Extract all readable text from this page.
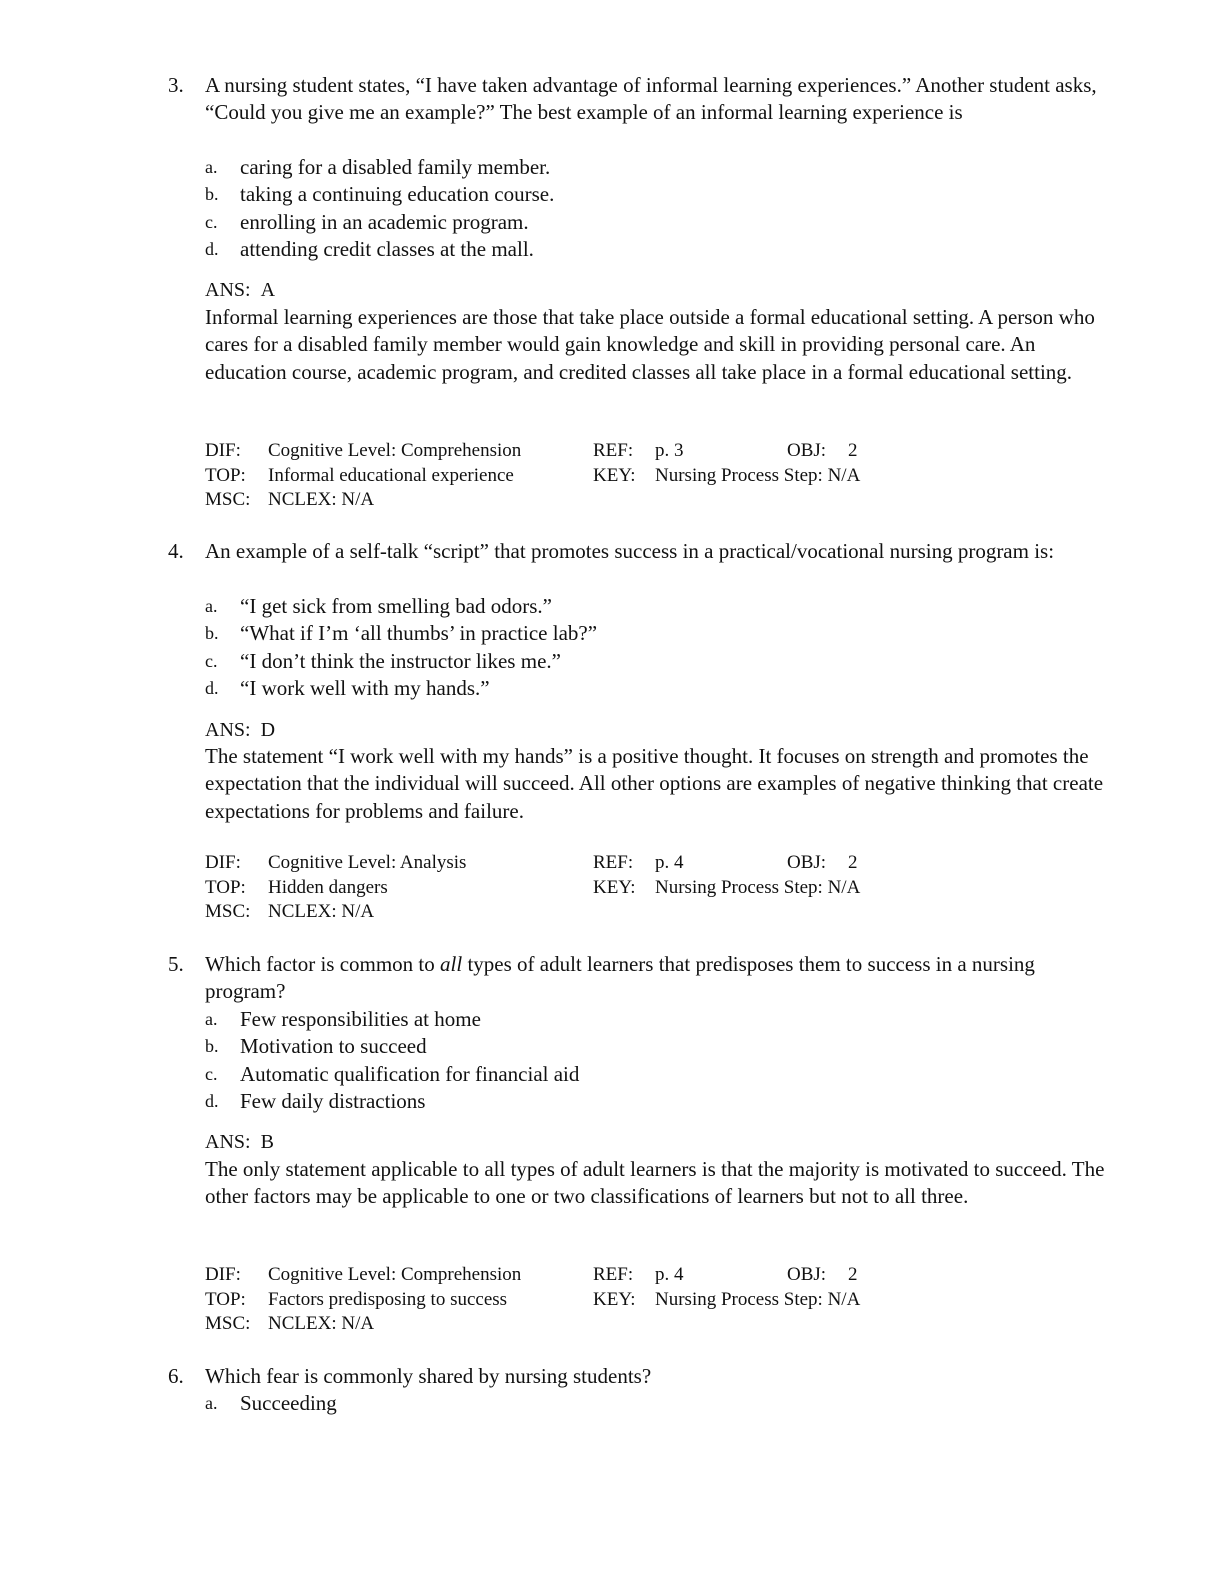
3. A nursing student states, “I have taken advantage of informal learning experiences.” Another student asks, “Could you give me an example?” The best example of an informal learning experience is
a. caring for a disabled family member.
b. taking a continuing education course.
c. enrolling in an academic program.
d. attending credit classes at the mall.
ANS: A
Informal learning experiences are those that take place outside a formal educational setting. A person who cares for a disabled family member would gain knowledge and skill in providing personal care. An education course, academic program, and credited classes all take place in a formal educational setting.
DIF: Cognitive Level: Comprehension	REF: p. 3	OBJ: 2
TOP: Informal educational experience	KEY: Nursing Process Step: N/A
MSC: NCLEX: N/A
4. An example of a self-talk “script” that promotes success in a practical/vocational nursing program is:
a. “I get sick from smelling bad odors.”
b. “What if I’m ‘all thumbs’ in practice lab?”
c. “I don’t think the instructor likes me.”
d. “I work well with my hands.”
ANS: D
The statement “I work well with my hands” is a positive thought. It focuses on strength and promotes the expectation that the individual will succeed. All other options are examples of negative thinking that create expectations for problems and failure.
DIF: Cognitive Level: Analysis	REF: p. 4	OBJ: 2
TOP: Hidden dangers	KEY: Nursing Process Step: N/A
MSC: NCLEX: N/A
5. Which factor is common to all types of adult learners that predisposes them to success in a nursing program?
a. Few responsibilities at home
b. Motivation to succeed
c. Automatic qualification for financial aid
d. Few daily distractions
ANS: B
The only statement applicable to all types of adult learners is that the majority is motivated to succeed. The other factors may be applicable to one or two classifications of learners but not to all three.
DIF: Cognitive Level: Comprehension	REF: p. 4	OBJ: 2
TOP: Factors predisposing to success	KEY: Nursing Process Step: N/A
MSC: NCLEX: N/A
6. Which fear is commonly shared by nursing students?
a. Succeeding
